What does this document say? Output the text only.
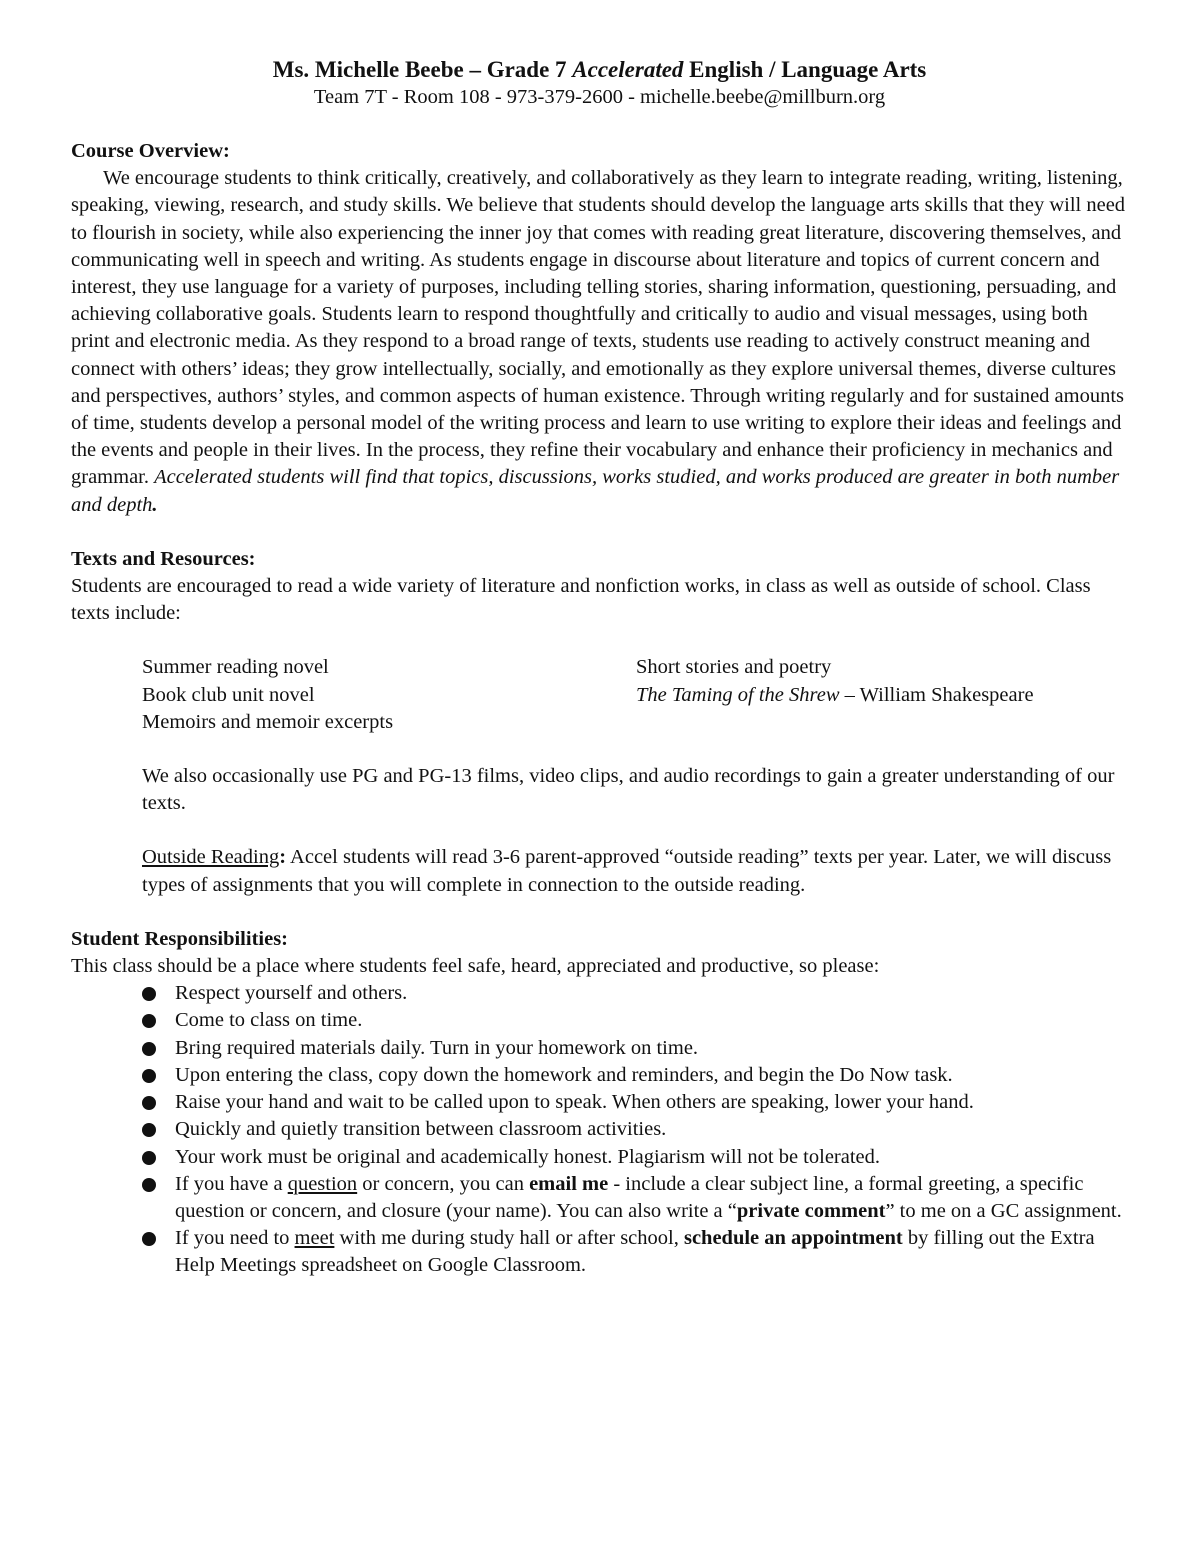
Ms. Michelle Beebe – Grade 7 Accelerated English / Language Arts
Team 7T - Room 108 - 973-379-2600 - michelle.beebe@millburn.org
Course Overview:
We encourage students to think critically, creatively, and collaboratively as they learn to integrate reading, writing, listening, speaking, viewing, research, and study skills. We believe that students should develop the language arts skills that they will need to flourish in society, while also experiencing the inner joy that comes with reading great literature, discovering themselves, and communicating well in speech and writing. As students engage in discourse about literature and topics of current concern and interest, they use language for a variety of purposes, including telling stories, sharing information, questioning, persuading, and achieving collaborative goals. Students learn to respond thoughtfully and critically to audio and visual messages, using both print and electronic media. As they respond to a broad range of texts, students use reading to actively construct meaning and connect with others’ ideas; they grow intellectually, socially, and emotionally as they explore universal themes, diverse cultures and perspectives, authors’ styles, and common aspects of human existence. Through writing regularly and for sustained amounts of time, students develop a personal model of the writing process and learn to use writing to explore their ideas and feelings and the events and people in their lives. In the process, they refine their vocabulary and enhance their proficiency in mechanics and grammar. Accelerated students will find that topics, discussions, works studied, and works produced are greater in both number and depth.
Texts and Resources:
Students are encouraged to read a wide variety of literature and nonfiction works, in class as well as outside of school. Class texts include:
Summer reading novel	Short stories and poetry
Book club unit novel	The Taming of the Shrew – William Shakespeare
Memoirs and memoir excerpts
We also occasionally use PG and PG-13 films, video clips, and audio recordings to gain a greater understanding of our texts.
Outside Reading: Accel students will read 3-6 parent-approved “outside reading” texts per year. Later, we will discuss types of assignments that you will complete in connection to the outside reading.
Student Responsibilities:
This class should be a place where students feel safe, heard, appreciated and productive, so please:
Respect yourself and others.
Come to class on time.
Bring required materials daily. Turn in your homework on time.
Upon entering the class, copy down the homework and reminders, and begin the Do Now task.
Raise your hand and wait to be called upon to speak. When others are speaking, lower your hand.
Quickly and quietly transition between classroom activities.
Your work must be original and academically honest. Plagiarism will not be tolerated.
If you have a question or concern, you can email me - include a clear subject line, a formal greeting, a specific question or concern, and closure (your name). You can also write a “private comment” to me on a GC assignment.
If you need to meet with me during study hall or after school, schedule an appointment by filling out the Extra Help Meetings spreadsheet on Google Classroom.
